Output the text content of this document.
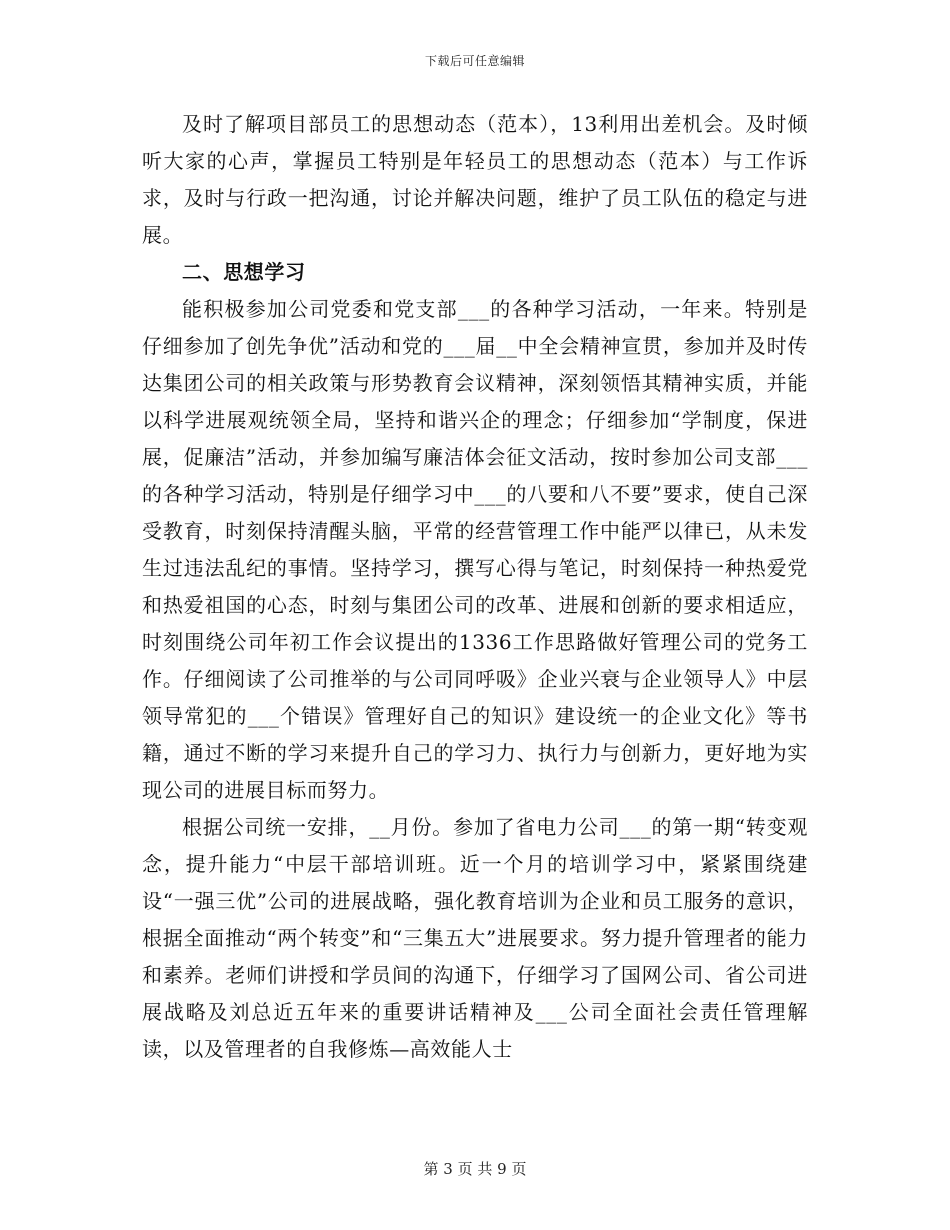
下载后可任意编辑

及时了解项目部员工的思想动态（范本），13利用出差机会。及时倾听大家的心声，掌握员工特别是年轻员工的思想动态（范本）与工作诉求，及时与行政一把沟通，讨论并解决问题，维护了员工队伍的稳定与进展。

二、思想学习

能积极参加公司党委和党支部___的各种学习活动，一年来。特别是仔细参加了创先争优”活动和党的___届__中全会精神宣贯，参加并及时传达集团公司的相关政策与形势教育会议精神，深刻领悟其精神实质，并能以科学进展观统领全局，坚持和谐兴企的理念；仔细参加“学制度，保进展，促廉洁”活动，并参加编写廉洁体会征文活动，按时参加公司支部___的各种学习活动，特别是仔细学习中___的八要和八不要”要求，使自己深受教育，时刻保持清醒头脑，平常的经营管理工作中能严以律已，从未发生过违法乱纪的事情。坚持学习，撰写心得与笔记，时刻保持一种热爱党和热爱祖国的心态，时刻与集团公司的改革、进展和创新的要求相适应，时刻围绕公司年初工作会议提出的1336工作思路做好管理公司的党务工作。仔细阅读了公司推举的与公司同呼吸》企业兴衰与企业领导人》中层领导常犯的___个错误》管理好自己的知识》建设统一的企业文化》等书籍，通过不断的学习来提升自己的学习力、执行力与创新力，更好地为实现公司的进展目标而努力。

根据公司统一安排，__月份。参加了省电力公司___的第一期“转变观念，提升能力“中层干部培训班。近一个月的培训学习中，紧紧围绕建设“一强三优”公司的进展战略，强化教育培训为企业和员工服务的意识，根据全面推动“两个转变”和“三集五大”进展要求。努力提升管理者的能力和素养。老师们讲授和学员间的沟通下，仔细学习了国网公司、省公司进展战略及刘总近五年来的重要讲话精神及___公司全面社会责任管理解读，以及管理者的自我修炼—高效能人士

第 3 页 共 9 页
